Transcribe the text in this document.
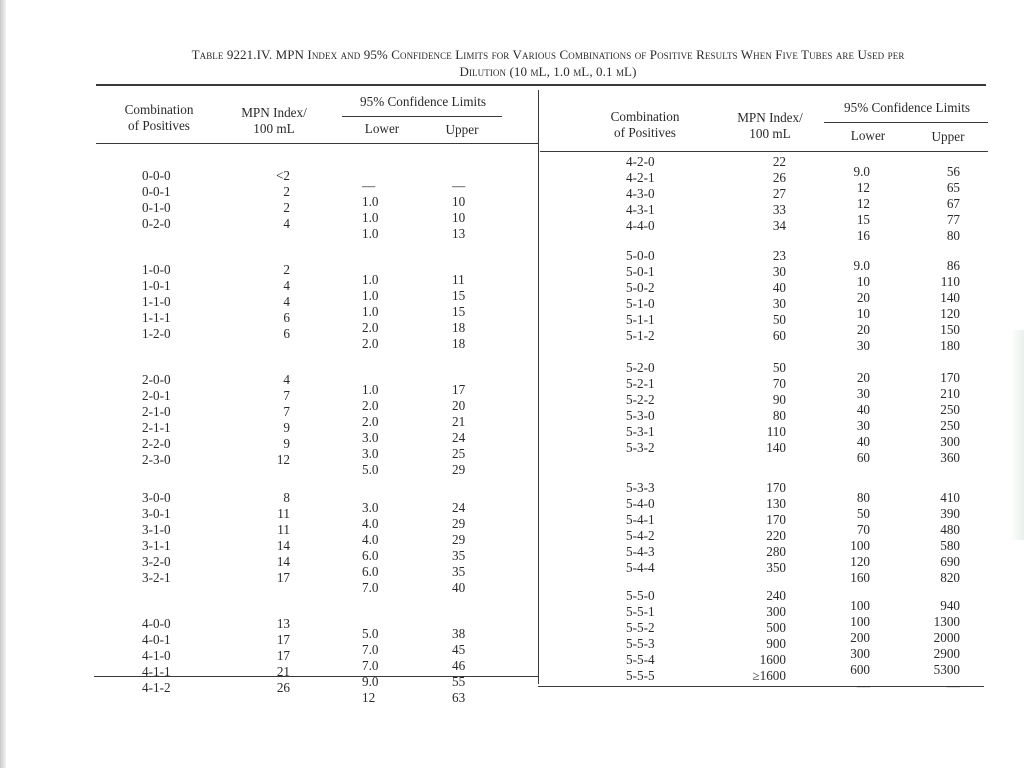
Table 9221.IV. MPN Index and 95% Confidence Limits for Various Combinations of Positive Results When Five Tubes are Used per
Dilution (10 mL, 1.0 mL, 0.1 mL)
Combination
of Positives
MPN Index/
100 mL
95% Confidence Limits
Lower	Upper
0-0-0
0-0-1
0-1-0
0-2-0
1-0-0
1-0-1
1-1-0
1-1-1
1-2-0
2-0-0
2-0-1
2-1-0
2-1-1
2-2-0
2-3-0
3-0-0
3-0-1
3-1-0
3-1-1
3-2-0
3-2-1
4-0-0
4-0-1
4-1-0
4-1-1
4-1-2
<2
2
2
4
2
4
4
6
6
4
7
7
9
9
12
8
11
11
14
14
17
13
17
17
21
26
—
1.0
1.0
1.0
1.0
1.0
1.0
2.0
2.0
1.0
2.0
2.0
3.0
3.0
5.0
3.0
4.0
4.0
6.0
6.0
7.0
5.0
7.0
7.0
9.0
12
—
10
10
13
11
15
15
18
18
17
20
21
24
25
29
24
29
29
35
35
40
38
45
46
55
63
Combination
of Positives
MPN Index/
100 mL
95% Confidence Limits
Lower	Upper
4-2-0
4-2-1
4-3-0
4-3-1
4-4-0
5-0-0
5-0-1
5-0-2
5-1-0
5-1-1
5-1-2
5-2-0
5-2-1
5-2-2
5-3-0
5-3-1
5-3-2
5-3-3
5-4-0
5-4-1
5-4-2
5-4-3
5-4-4
5-5-0
5-5-1
5-5-2
5-5-3
5-5-4
5-5-5
22
26
27
33
34
23
30
40
30
50
60
50
70
90
80
110
140
170
130
170
220
280
350
240
300
500
900
1600
≥1600
9.0
12
12
15
16
9.0
10
20
10
20
30
20
30
40
30
40
60
80
50
70
100
120
160
100
100
200
300
600
—
56
65
67
77
80
86
110
140
120
150
180
170
210
250
250
300
360
410
390
480
580
690
820
940
1300
2000
2900
5300
—
